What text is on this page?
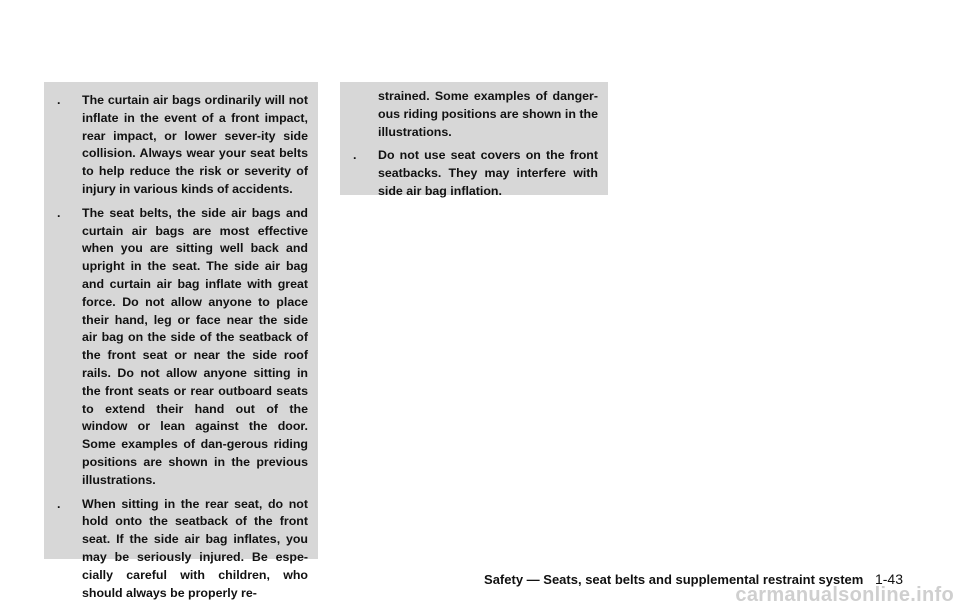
. The curtain air bags ordinarily will not inflate in the event of a front impact, rear impact, or lower sever-ity side collision. Always wear your seat belts to help reduce the risk or severity of injury in various kinds of accidents.
. The seat belts, the side air bags and curtain air bags are most effective when you are sitting well back and upright in the seat. The side air bag and curtain air bag inflate with great force. Do not allow anyone to place their hand, leg or face near the side air bag on the side of the seatback of the front seat or near the side roof rails. Do not allow anyone sitting in the front seats or rear outboard seats to extend their hand out of the window or lean against the door. Some examples of dan-gerous riding positions are shown in the previous illustrations.
. When sitting in the rear seat, do not hold onto the seatback of the front seat. If the side air bag inflates, you may be seriously injured. Be espe-cially careful with children, who should always be properly re-
strained. Some examples of danger-ous riding positions are shown in the illustrations.
. Do not use seat covers on the front seatbacks. They may interfere with side air bag inflation.
Safety — Seats, seat belts and supplemental restraint system 1-43
carmanualsonline.info
